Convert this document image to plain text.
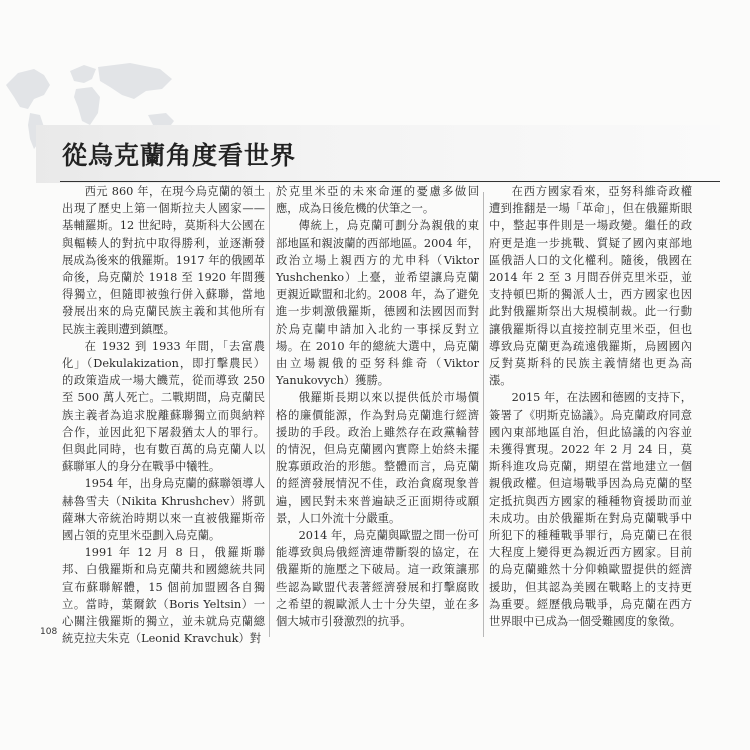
從烏克蘭角度看世界

西元 860 年，在現今烏克蘭的領土出現了歷史上第一個斯拉夫人國家——基輔羅斯。12 世紀時，莫斯科大公國在與輻輳人的對抗中取得勝利，並逐漸發展成為後來的俄羅斯。1917 年的俄國革命後，烏克蘭於 1918 至 1920 年間獲得獨立，但隨即被強行併入蘇聯，當地發展出來的烏克蘭民族主義和其他所有民族主義則遭到鎮壓。

在 1932 到 1933 年間，「去富農化」（Dekulakization，即打擊農民）的政策造成一場大饑荒，從而導致 250 至 500 萬人死亡。二戰期間，烏克蘭民族主義者為追求脫離蘇聯獨立而與納粹合作，並因此犯下屠殺猶太人的罪行。但與此同時，也有數百萬的烏克蘭人以蘇聯軍人的身分在戰爭中犧牲。

1954 年，出身烏克蘭的蘇聯領導人赫魯雪夫（Nikita Khrushchev）將凱薩琳大帝統治時期以來一直被俄羅斯帝國占領的克里米亞劃入烏克蘭。

1991 年 12 月 8 日，俄羅斯聯邦、白俄羅斯和烏克蘭共和國總統共同宣布蘇聯解體，15 個前加盟國各自獨立。當時，葉爾欽（Boris Yeltsin）一心關注俄羅斯的獨立，並未就烏克蘭總統克拉夫朱克（Leonid Kravchuk）對

於克里米亞的未來命運的憂慮多做回應，成為日後危機的伏筆之一。

傳統上，烏克蘭可劃分為親俄的東部地區和親波蘭的西部地區。2004 年，政治立場上親西方的尤申科（Viktor Yushchenko）上臺，並希望讓烏克蘭更親近歐盟和北約。2008 年，為了避免進一步刺激俄羅斯，德國和法國因而對於烏克蘭申請加入北約一事採反對立場。在 2010 年的總統大選中，烏克蘭由立場親俄的亞努科維奇（Viktor Yanukovych）獲勝。

俄羅斯長期以來以提供低於市場價格的廉價能源，作為對烏克蘭進行經濟援助的手段。政治上雖然存在政黨輪替的情況，但烏克蘭國內實際上始終未擺脫寡頭政治的形態。整體而言，烏克蘭的經濟發展情況不佳，政治貪腐現象普遍，國民對未來普遍缺乏正面期待或願景，人口外流十分嚴重。

2014 年，烏克蘭與歐盟之間一份可能導致與烏俄經濟連帶斷裂的協定，在俄羅斯的施壓之下破局。這一政策讓那些認為歐盟代表著經濟發展和打擊腐敗之希望的親歐派人士十分失望，並在多個大城市引發激烈的抗爭。

在西方國家看來，亞努科維奇政權遭到推翻是一場「革命」，但在俄羅斯眼中，整起事件則是一場政變。繼任的政府更是進一步挑戰、質疑了國內東部地區俄語人口的文化權利。隨後，俄國在 2014 年 2 至 3 月間吞併克里米亞，並支持頓巴斯的獨派人士，西方國家也因此對俄羅斯祭出大規模制裁。此一行動讓俄羅斯得以直接控制克里米亞，但也導致烏克蘭更為疏遠俄羅斯，烏國國內反對莫斯科的民族主義情緒也更為高漲。

2015 年，在法國和德國的支持下，簽署了《明斯克協議》。烏克蘭政府同意國內東部地區自治，但此協議的內容並未獲得實現。2022 年 2 月 24 日，莫斯科進攻烏克蘭，期望在當地建立一個親俄政權。但這場戰爭因為烏克蘭的堅定抵抗與西方國家的種種物資援助而並未成功。由於俄羅斯在對烏克蘭戰爭中所犯下的種種戰爭罪行，烏克蘭已在很大程度上變得更為親近西方國家。目前的烏克蘭雖然十分仰賴歐盟提供的經濟援助，但其認為美國在戰略上的支持更為重要。經歷俄烏戰爭，烏克蘭在西方世界眼中已成為一個受難國度的象徵。

108
